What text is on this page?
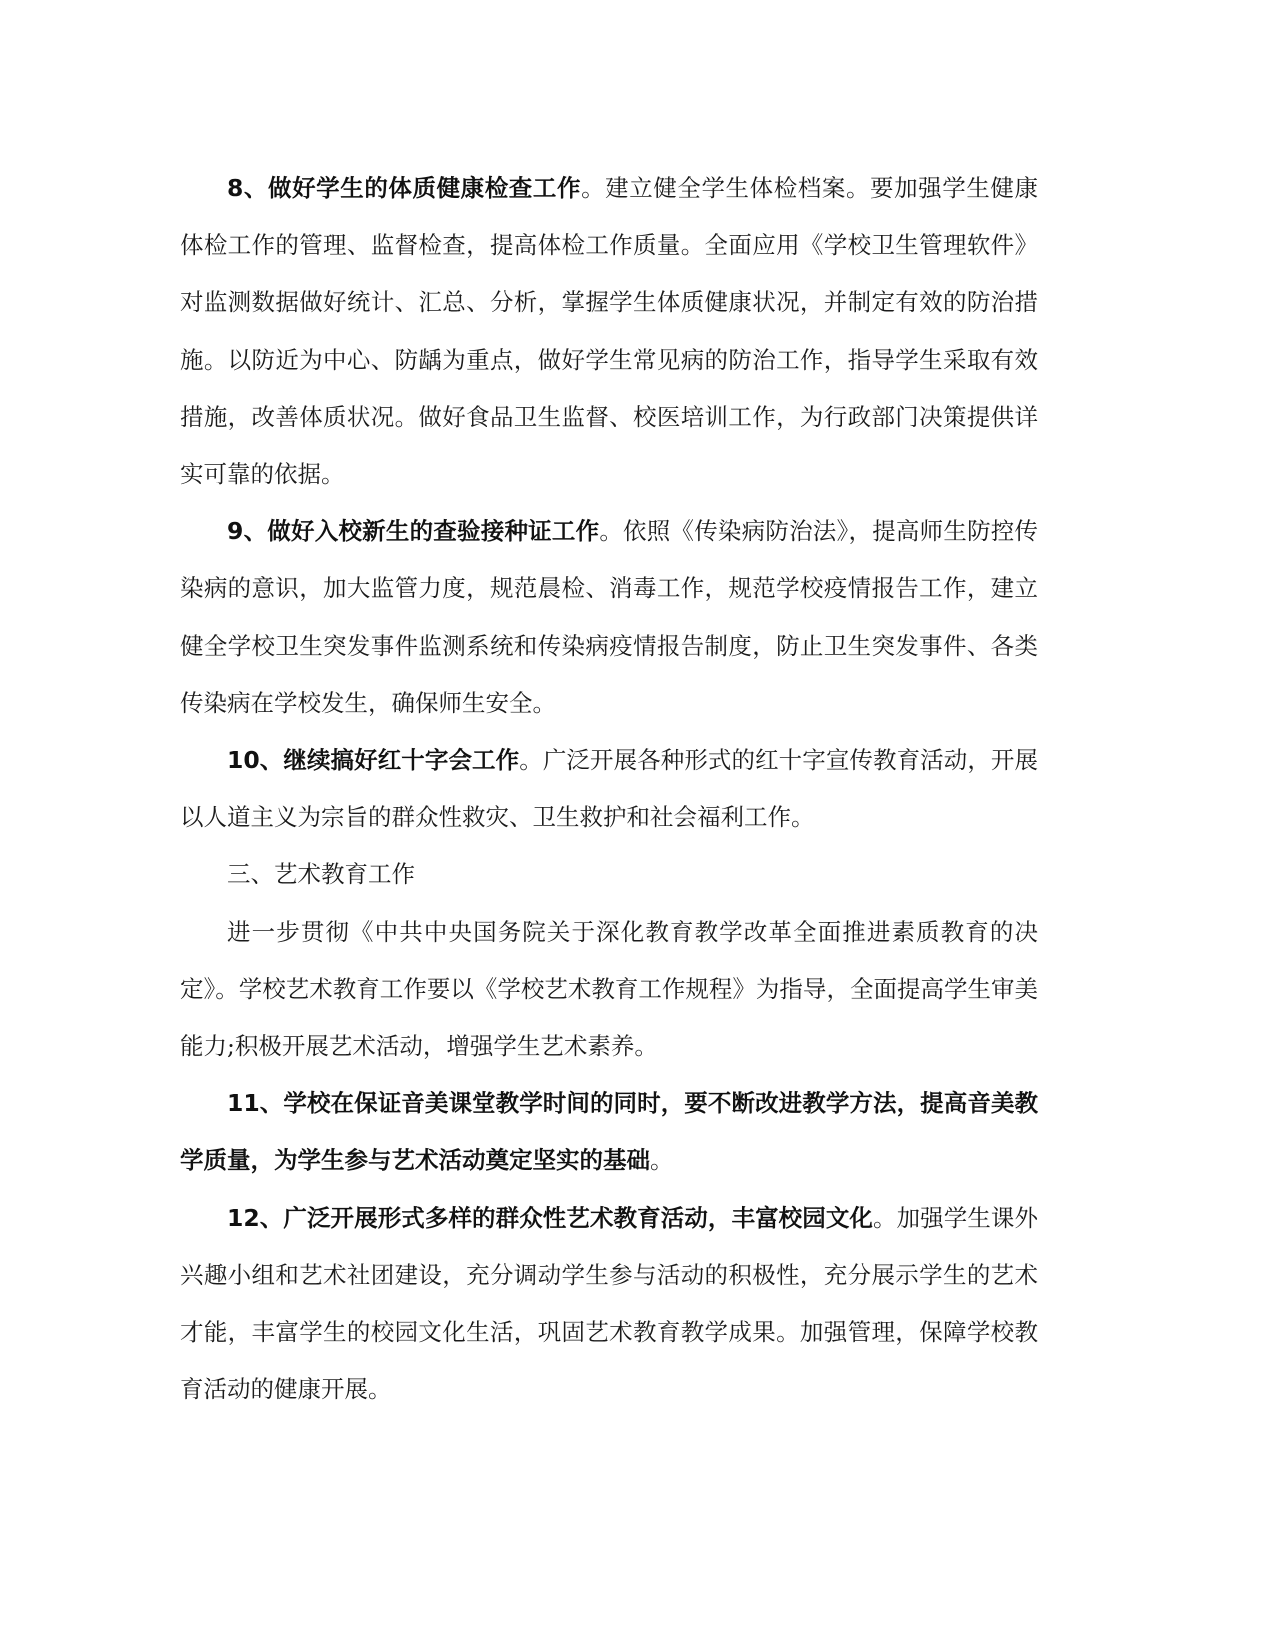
8、做好学生的体质健康检查工作。建立健全学生体检档案。要加强学生健康体检工作的管理、监督检查，提高体检工作质量。全面应用《学校卫生管理软件》对监测数据做好统计、汇总、分析，掌握学生体质健康状况，并制定有效的防治措施。以防近为中心、防龋为重点，做好学生常见病的防治工作，指导学生采取有效措施，改善体质状况。做好食品卫生监督、校医培训工作，为行政部门决策提供详实可靠的依据。

9、做好入校新生的查验接种证工作。依照《传染病防治法》，提高师生防控传染病的意识，加大监管力度，规范晨检、消毒工作，规范学校疫情报告工作，建立健全学校卫生突发事件监测系统和传染病疫情报告制度，防止卫生突发事件、各类传染病在学校发生，确保师生安全。

10、继续搞好红十字会工作。广泛开展各种形式的红十字宣传教育活动，开展以人道主义为宗旨的群众性救灾、卫生救护和社会福利工作。

三、艺术教育工作

进一步贯彻《中共中央国务院关于深化教育教学改革全面推进素质教育的决定》。学校艺术教育工作要以《学校艺术教育工作规程》为指导，全面提高学生审美能力;积极开展艺术活动，增强学生艺术素养。

11、学校在保证音美课堂教学时间的同时，要不断改进教学方法，提高音美教学质量，为学生参与艺术活动奠定坚实的基础。

12、广泛开展形式多样的群众性艺术教育活动，丰富校园文化。加强学生课外兴趣小组和艺术社团建设，充分调动学生参与活动的积极性，充分展示学生的艺术才能，丰富学生的校园文化生活，巩固艺术教育教学成果。加强管理，保障学校教育活动的健康开展。
